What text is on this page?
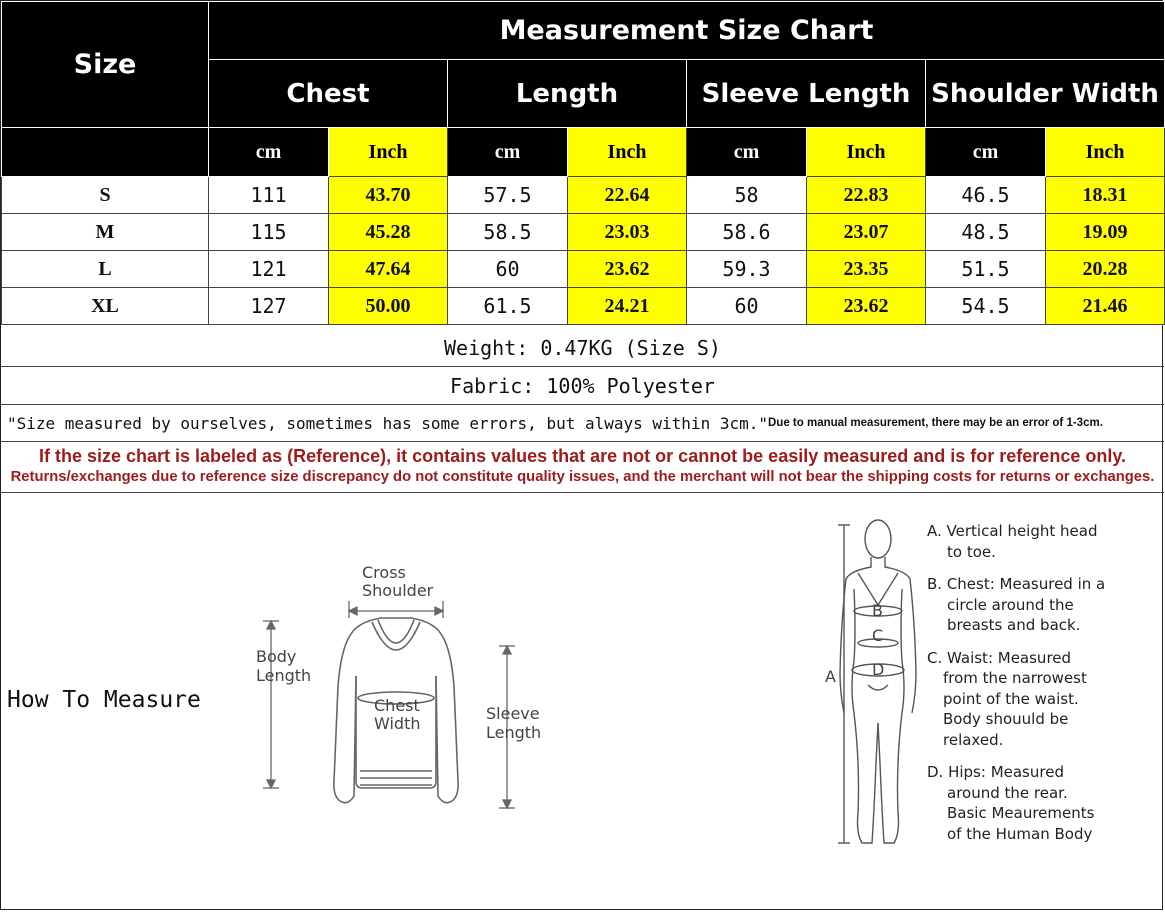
Size	Measurement Size Chart							
	Chest		Length		Sleeve Length		Shoulder Width	
	cm	Inch	cm	Inch	cm	Inch	cm	Inch
S	111	43.70	57.5	22.64	58	22.83	46.5	18.31
M	115	45.28	58.5	23.03	58.6	23.07	48.5	19.09
L	121	47.64	60	23.62	59.3	23.35	51.5	20.28
XL	127	50.00	61.5	24.21	60	23.62	54.5	21.46
Weight: 0.47KG (Size S)
Fabric: 100% Polyester
"Size measured by ourselves, sometimes has some errors, but always within 3cm."Due to manual measurement, there may be an error of 1-3cm.
If the size chart is labeled as (Reference), it contains values that are not or cannot be easily measured and is for reference only.
Returns/exchanges due to reference size discrepancy do not constitute quality issues, and the merchant will not bear the shipping costs for returns or exchanges.
How To Measure
Cross
Shoulder
Body
Length
Chest
Width
Sleeve
Length
A
B
C
D
A. Vertical height head
to toe.
B. Chest: Measured in a
circle around the
breasts and back.
C. Waist: Measured
from the narrowest
point of the waist.
Body shouuld be
relaxed.
D. Hips: Measured
around the rear.
Basic Meaurements
of the Human Body
